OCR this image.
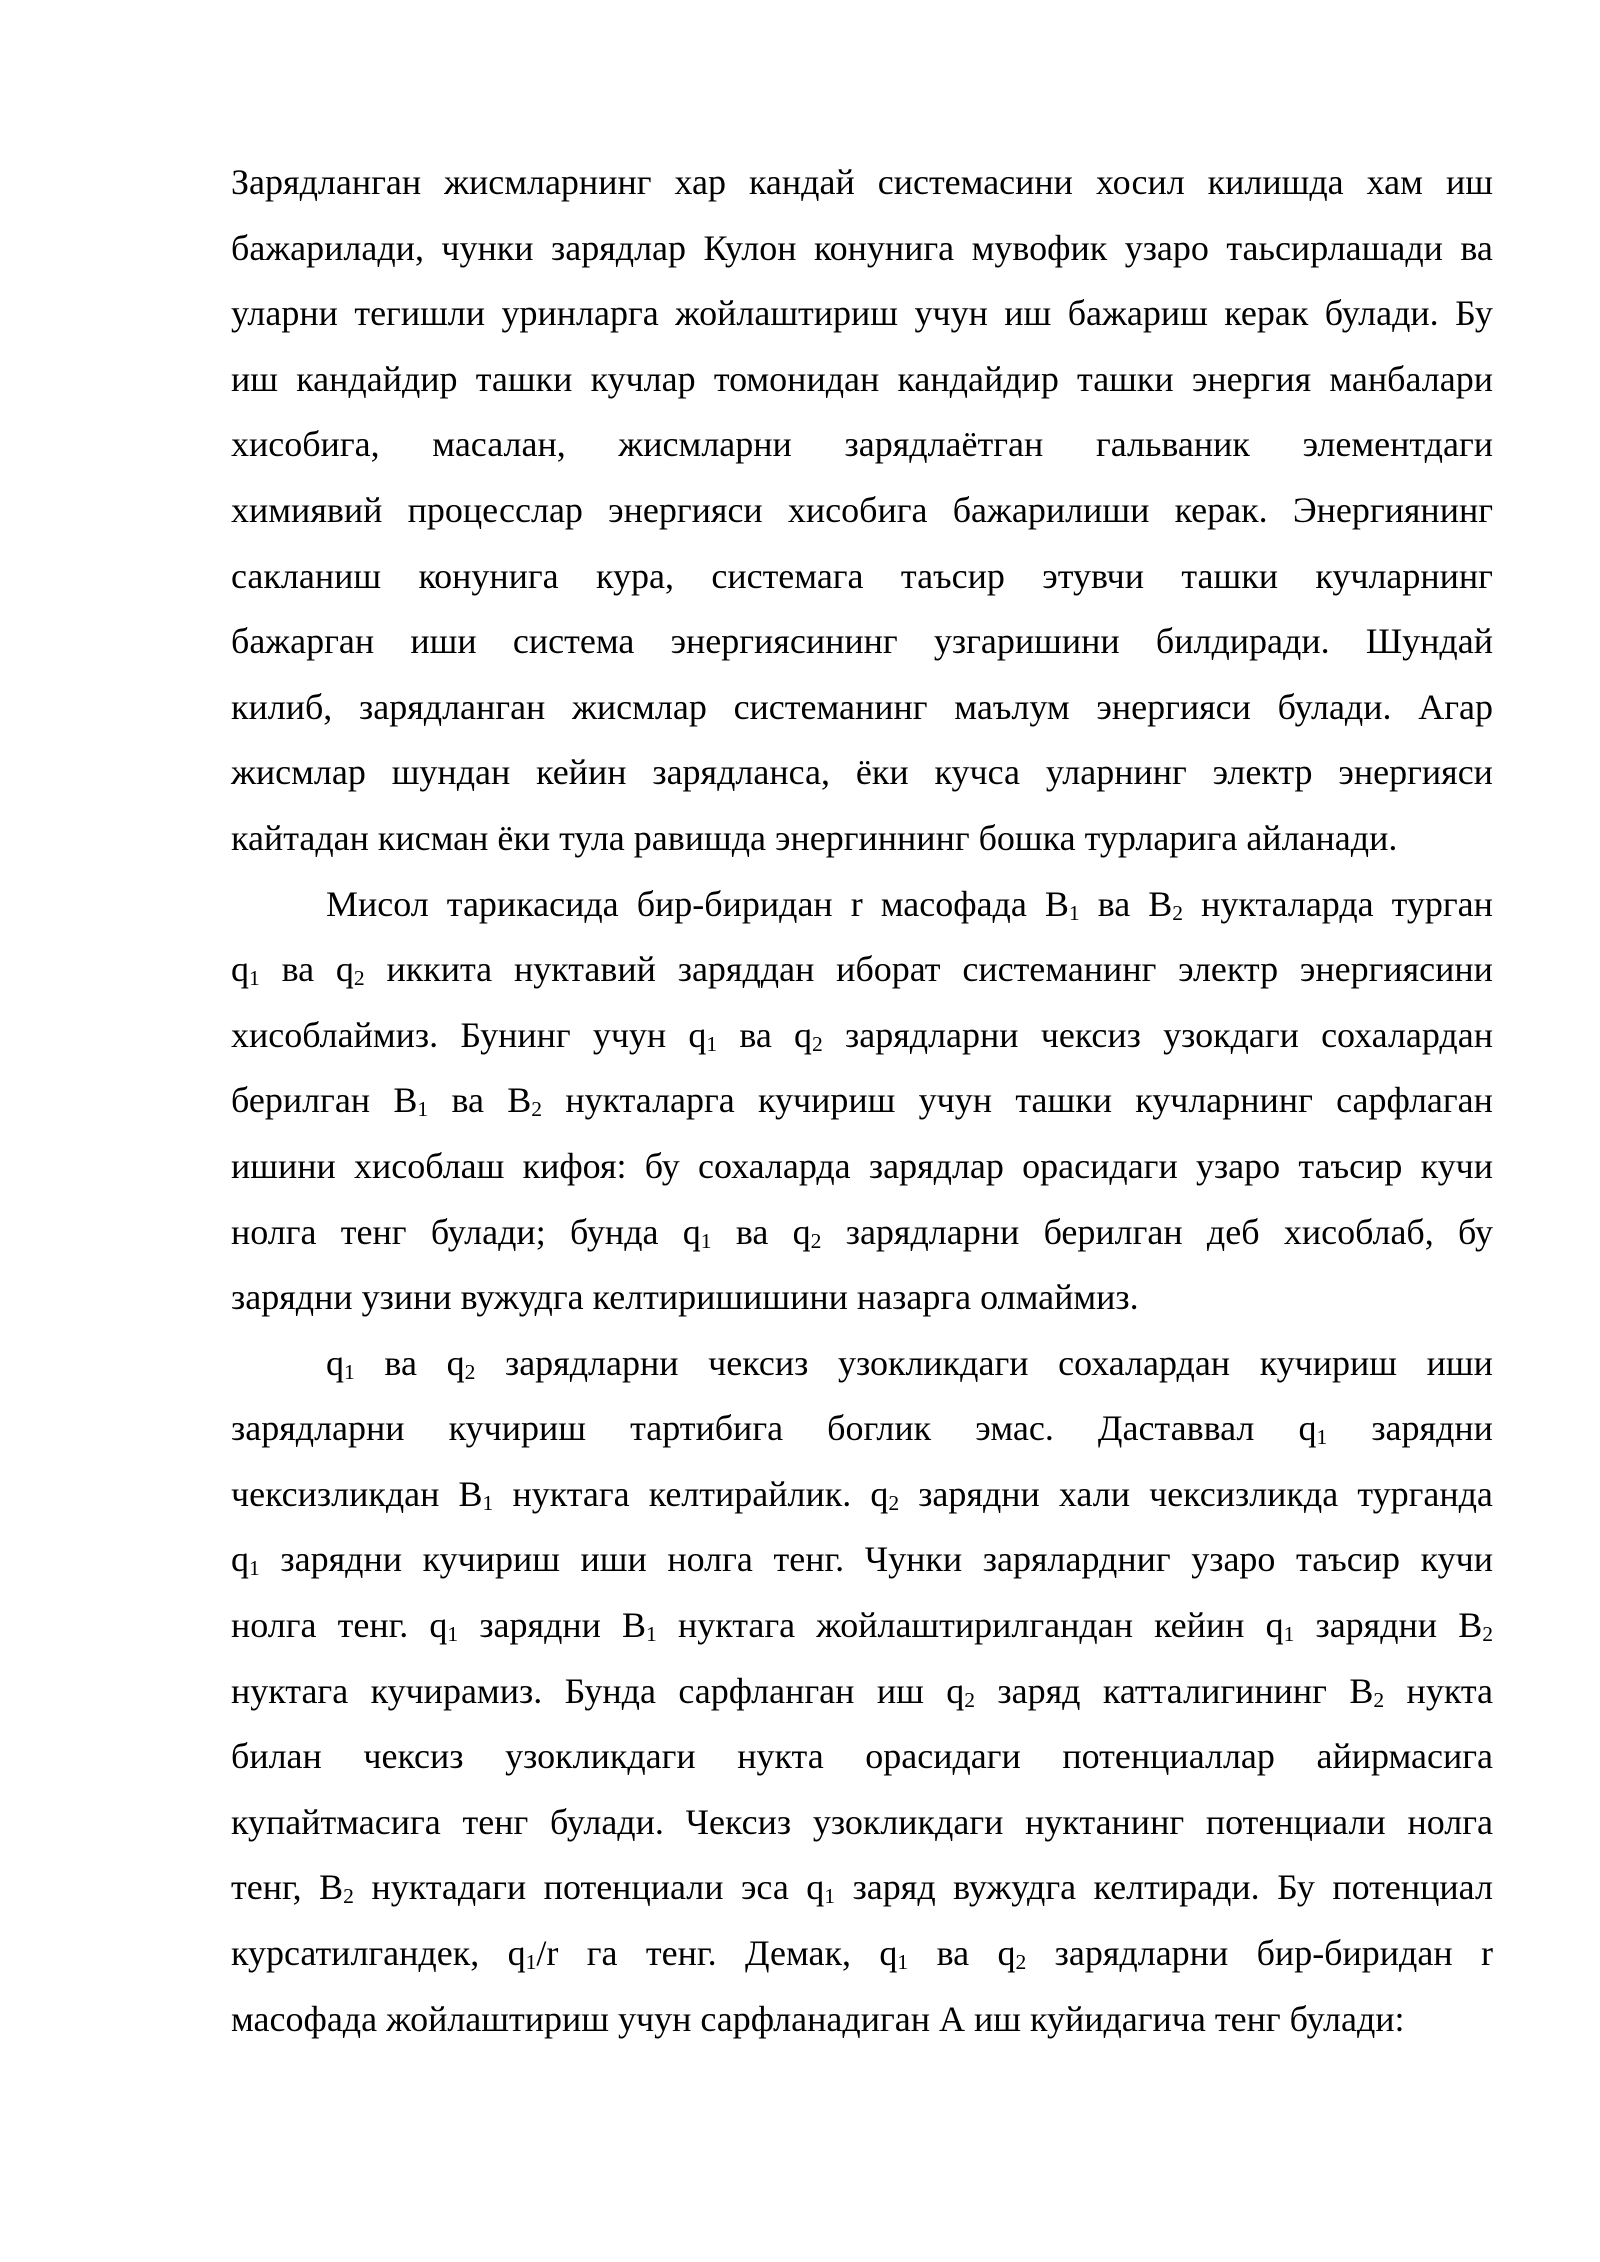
Зарядланган жисмларнинг хар кандай системасини хосил килишда хам иш
бажарилади, чунки зарядлар Кулон конунига мувофик узаро таьсирлашади ва
уларни тегишли уринларга жойлаштириш учун иш бажариш керак булади. Бу
иш кандайдир ташки кучлар томонидан кандайдир ташки энергия манбалари
хисобига, масалан, жисмларни зарядлаётган гальваник элементдаги
химиявий процесслар энергияси хисобига бажарилиши керак. Энергиянинг
сакланиш конунига кура, системага таъсир этувчи ташки кучларнинг
бажарган иши система энергиясининг узгаришини билдиради. Шундай
килиб, зарядланган жисмлар системанинг маълум энергияси булади. Агар
жисмлар шундан кейин зарядланса, ёки кучса уларнинг электр энергияси
кайтадан кисман ёки тула равишда энергиннинг бошка турларига айланади.
Мисол тарикасида бир-биридан r масофада B1 ва B2 нукталарда турган
q1 ва q2 иккита нуктавий заряддан иборат системанинг электр энергиясини
хисоблаймиз. Бунинг учун q1 ва q2 зарядларни чексиз узокдаги сохалардан
берилган B1 ва B2 нукталарга кучириш учун ташки кучларнинг сарфлаган
ишини хисоблаш кифоя: бу сохаларда зарядлар орасидаги узаро таъсир кучи
нолга тенг булади; бунда q1 ва q2 зарядларни берилган деб хисоблаб, бу
зарядни узини вужудга келтиришишини назарга олмаймиз.
q1 ва q2 зарядларни чексиз узокликдаги сохалардан кучириш иши
зарядларни кучириш тартибига боглик эмас. Даставвал q1 зарядни
чексизликдан B1 нуктага келтирайлик. q2 зарядни хали чексизликда турганда
q1 зарядни кучириш иши нолга тенг. Чунки зарялардниг узаро таъсир кучи
нолга тенг. q1 зарядни B1 нуктага жойлаштирилгандан кейин q1 зарядни B2
нуктага кучирамиз. Бунда сарфланган иш q2 заряд катталигининг B2 нукта
билан чексиз узокликдаги нукта орасидаги потенциаллар айирмасига
купайтмасига тенг булади. Чексиз узокликдаги нуктанинг потенциали нолга
тенг, B2 нуктадаги потенциали эса q1 заряд вужудга келтиради. Бу потенциал
курсатилгандек, q1/r га тенг. Демак, q1 ва q2 зарядларни бир-биридан r
масофада жойлаштириш учун сарфланадиган A иш куйидагича тенг булади:
